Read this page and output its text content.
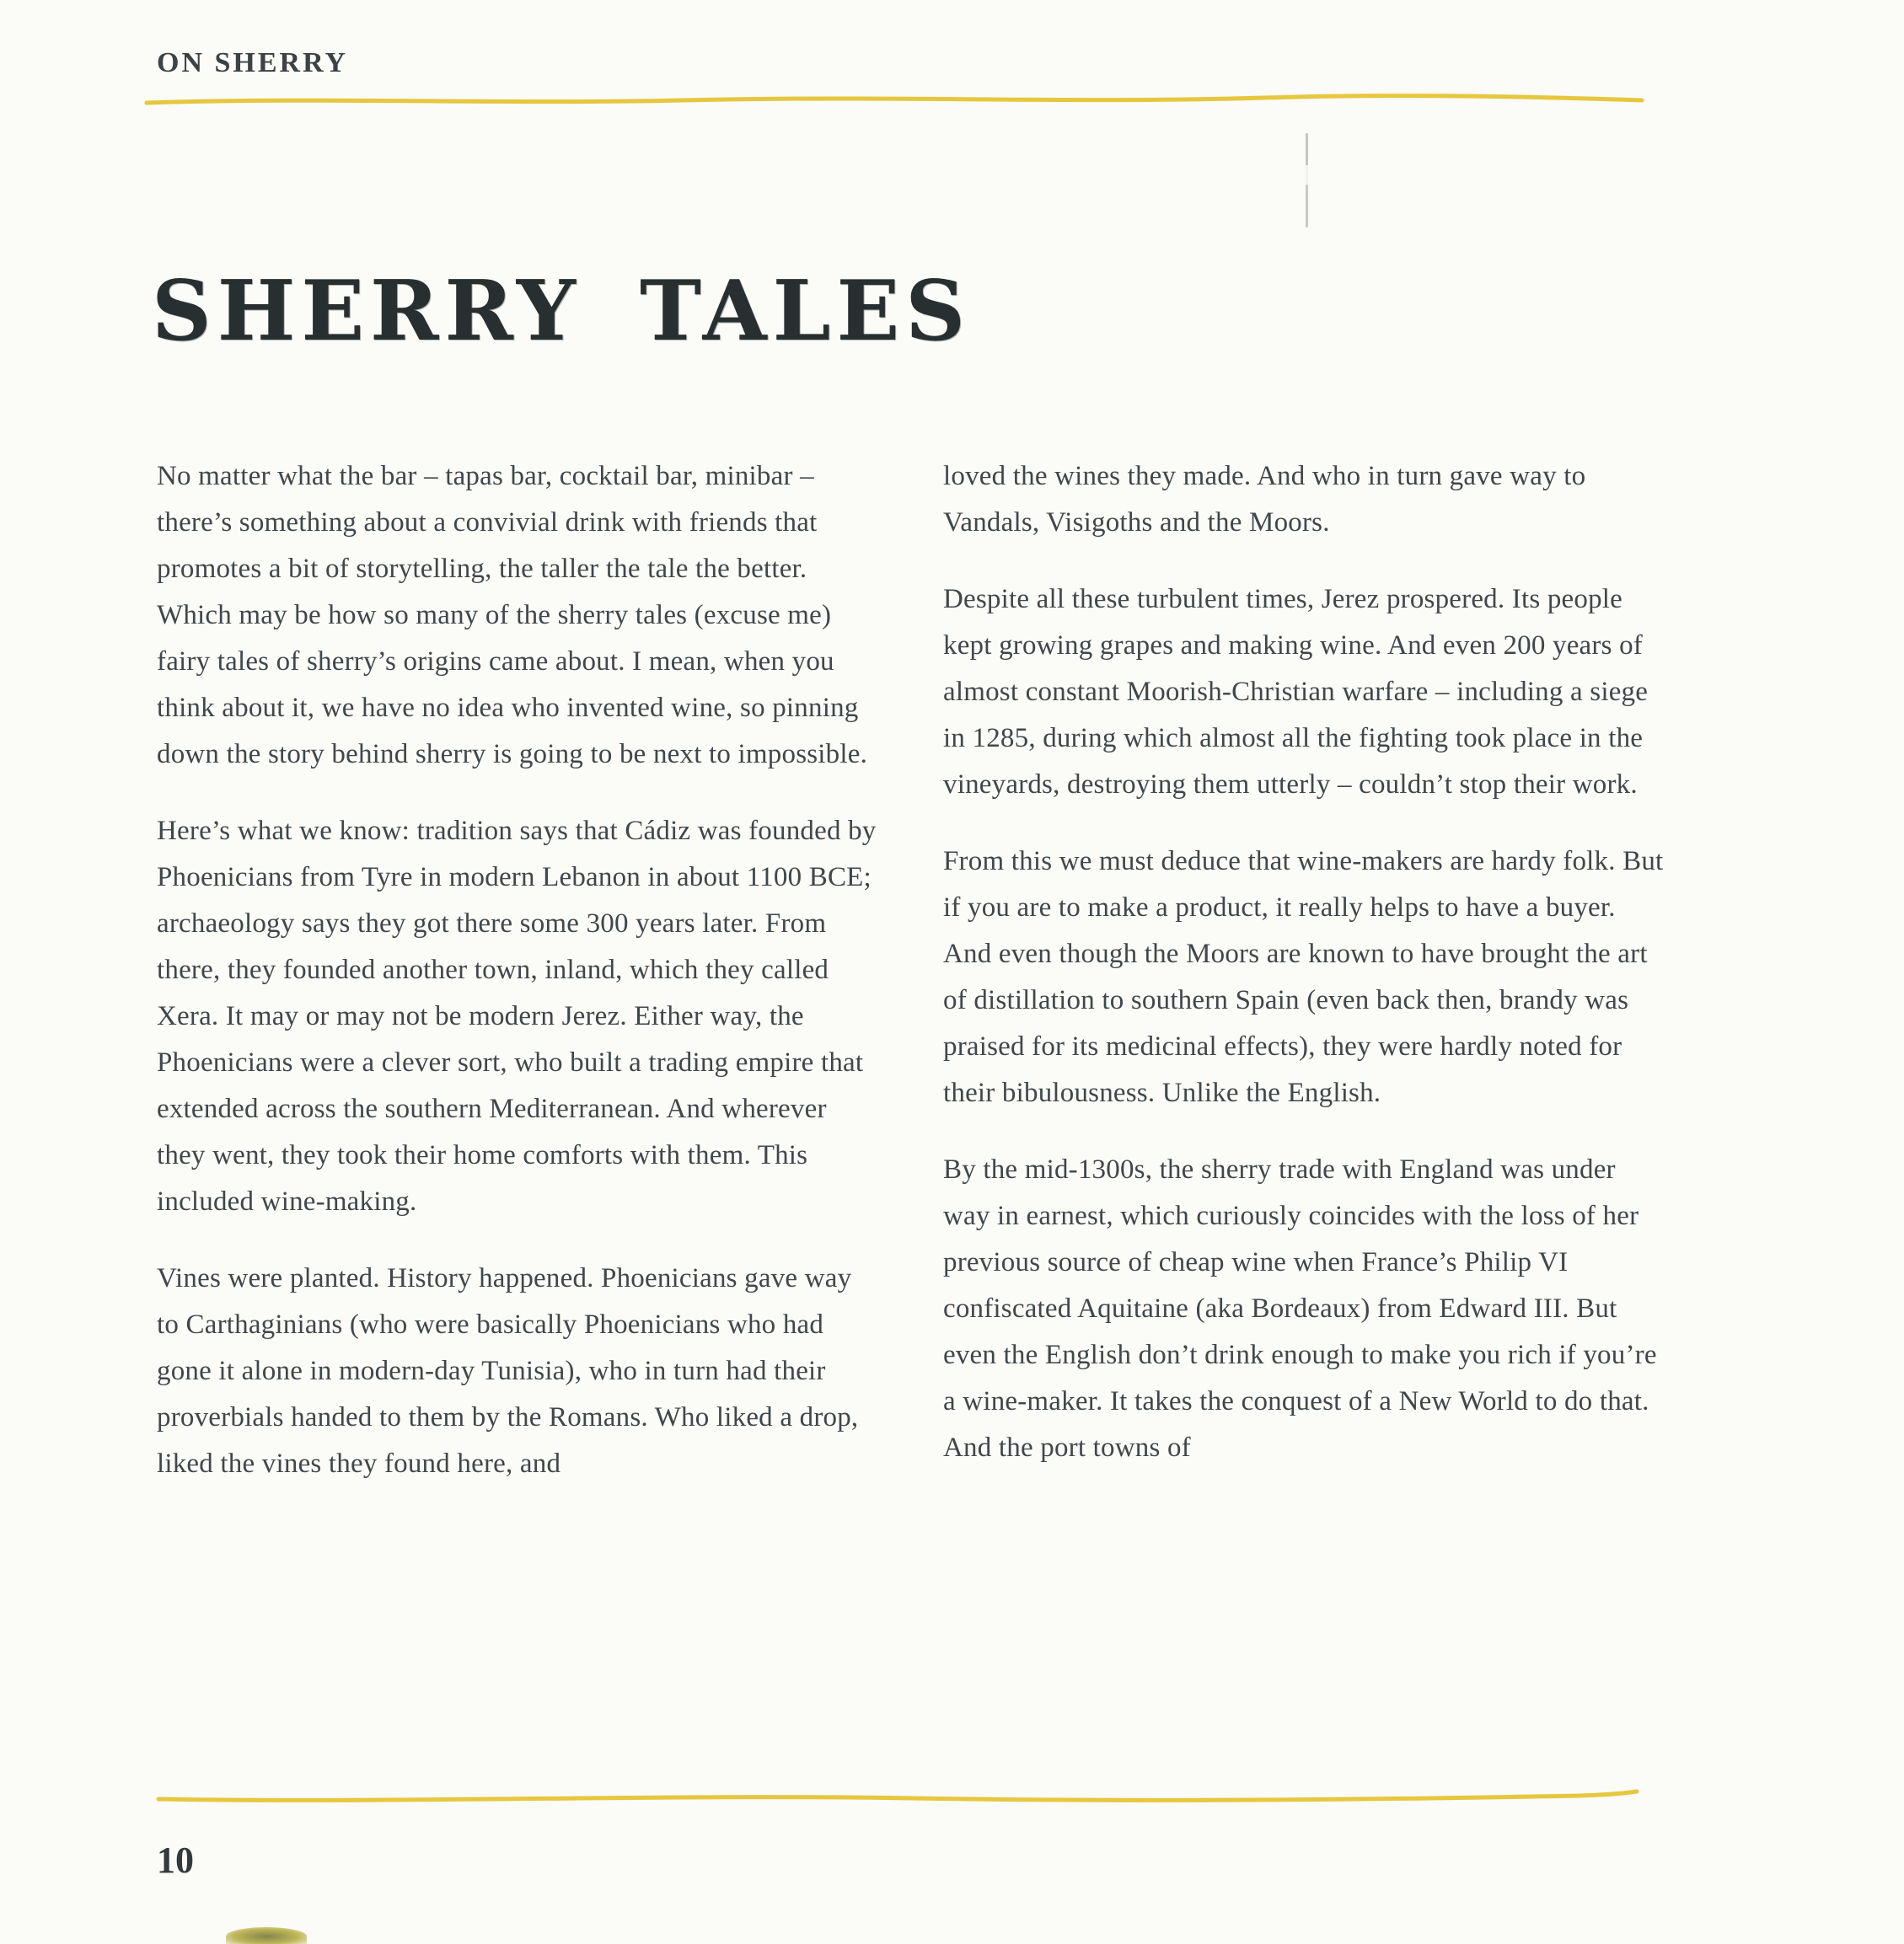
ON SHERRY
SHERRY TALES

No matter what the bar – tapas bar, cocktail bar, minibar – there’s something about a convivial drink with friends that promotes a bit of storytelling, the taller the tale the better. Which may be how so many of the sherry tales (excuse me) fairy tales of sherry’s origins came about. I mean, when you think about it, we have no idea who invented wine, so pinning down the story behind sherry is going to be next to impossible.

Here’s what we know: tradition says that Cádiz was founded by Phoenicians from Tyre in modern Lebanon in about 1100 BCE; archaeology says they got there some 300 years later. From there, they founded another town, inland, which they called Xera. It may or may not be modern Jerez. Either way, the Phoenicians were a clever sort, who built a trading empire that extended across the southern Mediterranean. And wherever they went, they took their home comforts with them. This included wine-making.

Vines were planted. History happened. Phoenicians gave way to Carthaginians (who were basically Phoenicians who had gone it alone in modern-day Tunisia), who in turn had their proverbials handed to them by the Romans. Who liked a drop, liked the vines they found here, and

loved the wines they made. And who in turn gave way to Vandals, Visigoths and the Moors.

Despite all these turbulent times, Jerez prospered. Its people kept growing grapes and making wine. And even 200 years of almost constant Moorish-Christian warfare – including a siege in 1285, during which almost all the fighting took place in the vineyards, destroying them utterly – couldn’t stop their work.

From this we must deduce that wine-makers are hardy folk. But if you are to make a product, it really helps to have a buyer. And even though the Moors are known to have brought the art of distillation to southern Spain (even back then, brandy was praised for its medicinal effects), they were hardly noted for their bibulousness. Unlike the English.

By the mid-1300s, the sherry trade with England was under way in earnest, which curiously coincides with the loss of her previous source of cheap wine when France’s Philip VI confiscated Aquitaine (aka Bordeaux) from Edward III. But even the English don’t drink enough to make you rich if you’re a wine-maker. It takes the conquest of a New World to do that. And the port towns of

10
